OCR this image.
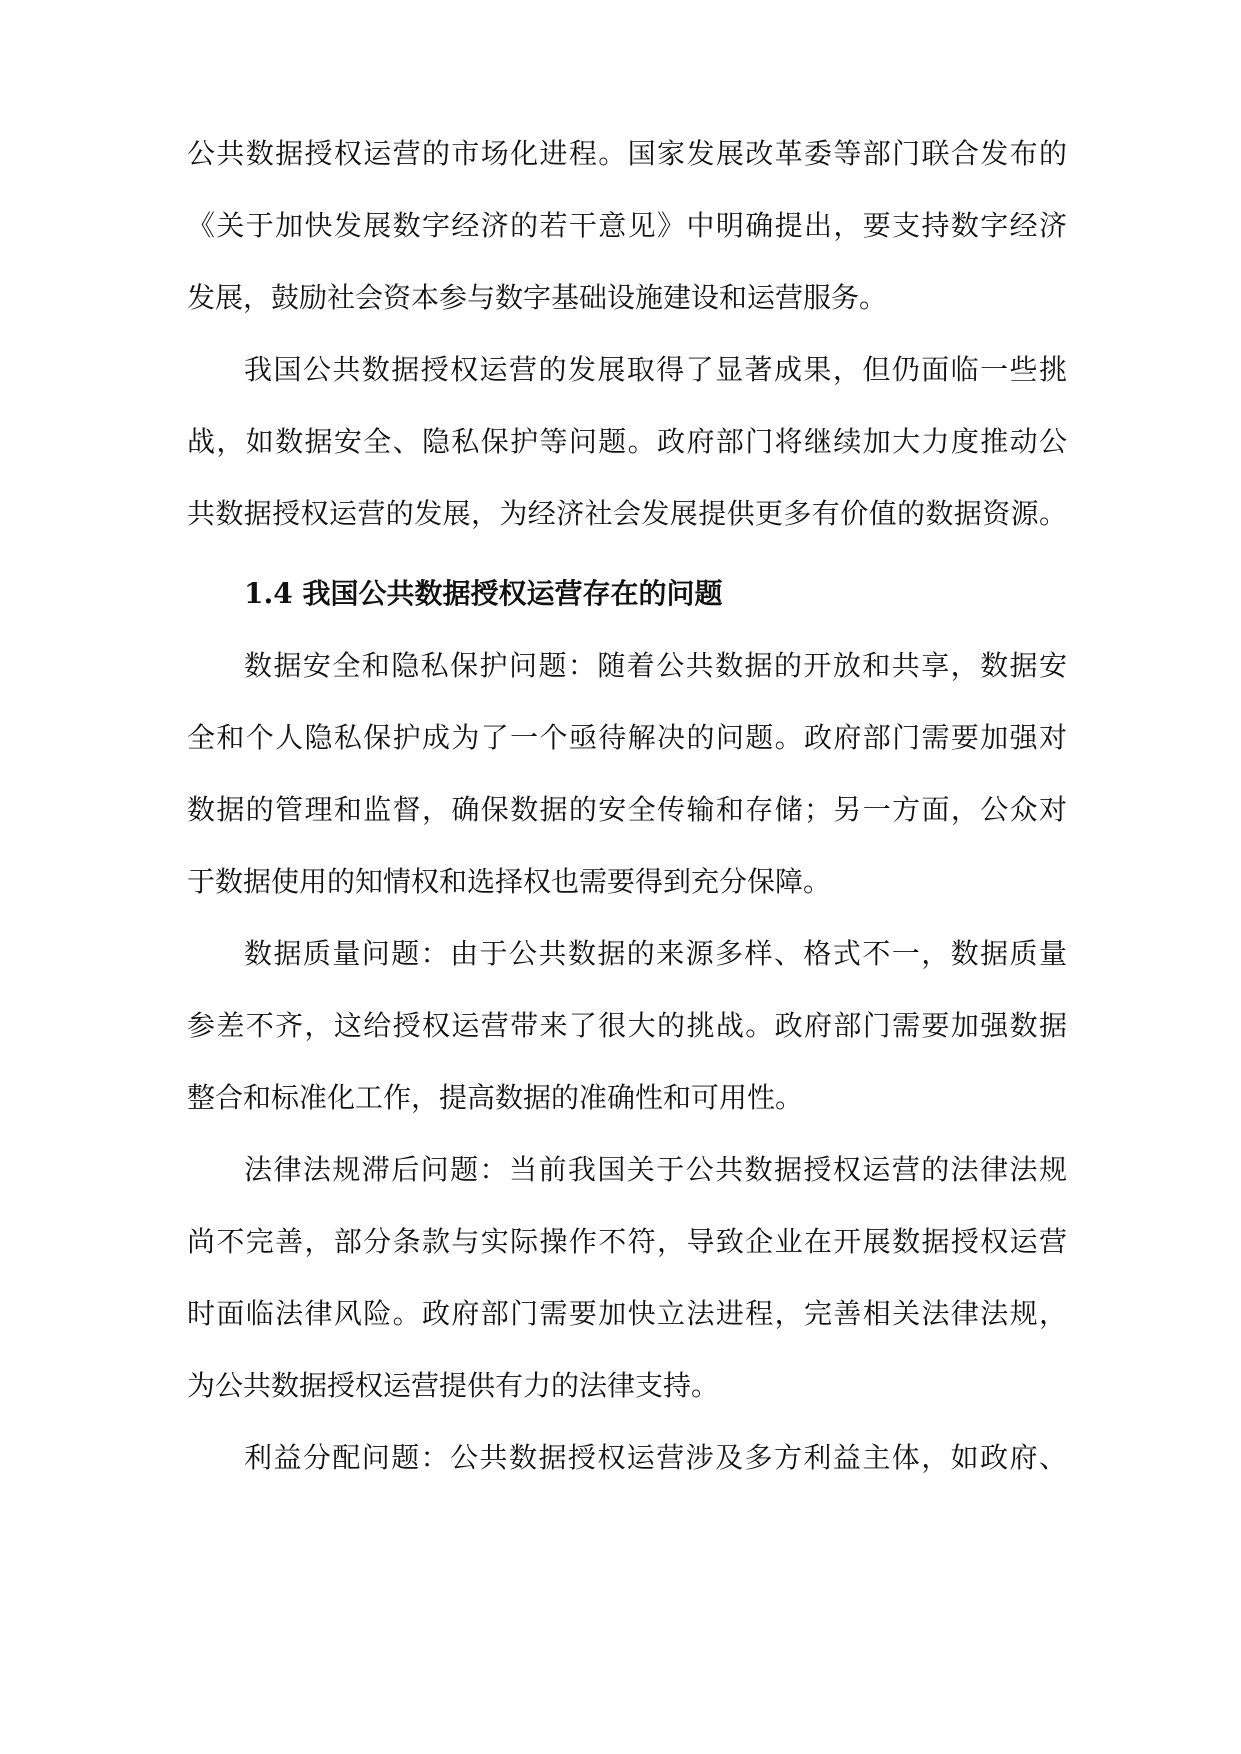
公共数据授权运营的市场化进程。国家发展改革委等部门联合发布的
《关于加快发展数字经济的若干意见》中明确提出，要支持数字经济
发展，鼓励社会资本参与数字基础设施建设和运营服务。
我国公共数据授权运营的发展取得了显著成果，但仍面临一些挑
战，如数据安全、隐私保护等问题。政府部门将继续加大力度推动公
共数据授权运营的发展，为经济社会发展提供更多有价值的数据资源。
1.4 我国公共数据授权运营存在的问题
数据安全和隐私保护问题：随着公共数据的开放和共享，数据安
全和个人隐私保护成为了一个亟待解决的问题。政府部门需要加强对
数据的管理和监督，确保数据的安全传输和存储；另一方面，公众对
于数据使用的知情权和选择权也需要得到充分保障。
数据质量问题：由于公共数据的来源多样、格式不一，数据质量
参差不齐，这给授权运营带来了很大的挑战。政府部门需要加强数据
整合和标准化工作，提高数据的准确性和可用性。
法律法规滞后问题：当前我国关于公共数据授权运营的法律法规
尚不完善，部分条款与实际操作不符，导致企业在开展数据授权运营
时面临法律风险。政府部门需要加快立法进程，完善相关法律法规，
为公共数据授权运营提供有力的法律支持。
利益分配问题：公共数据授权运营涉及多方利益主体，如政府、
